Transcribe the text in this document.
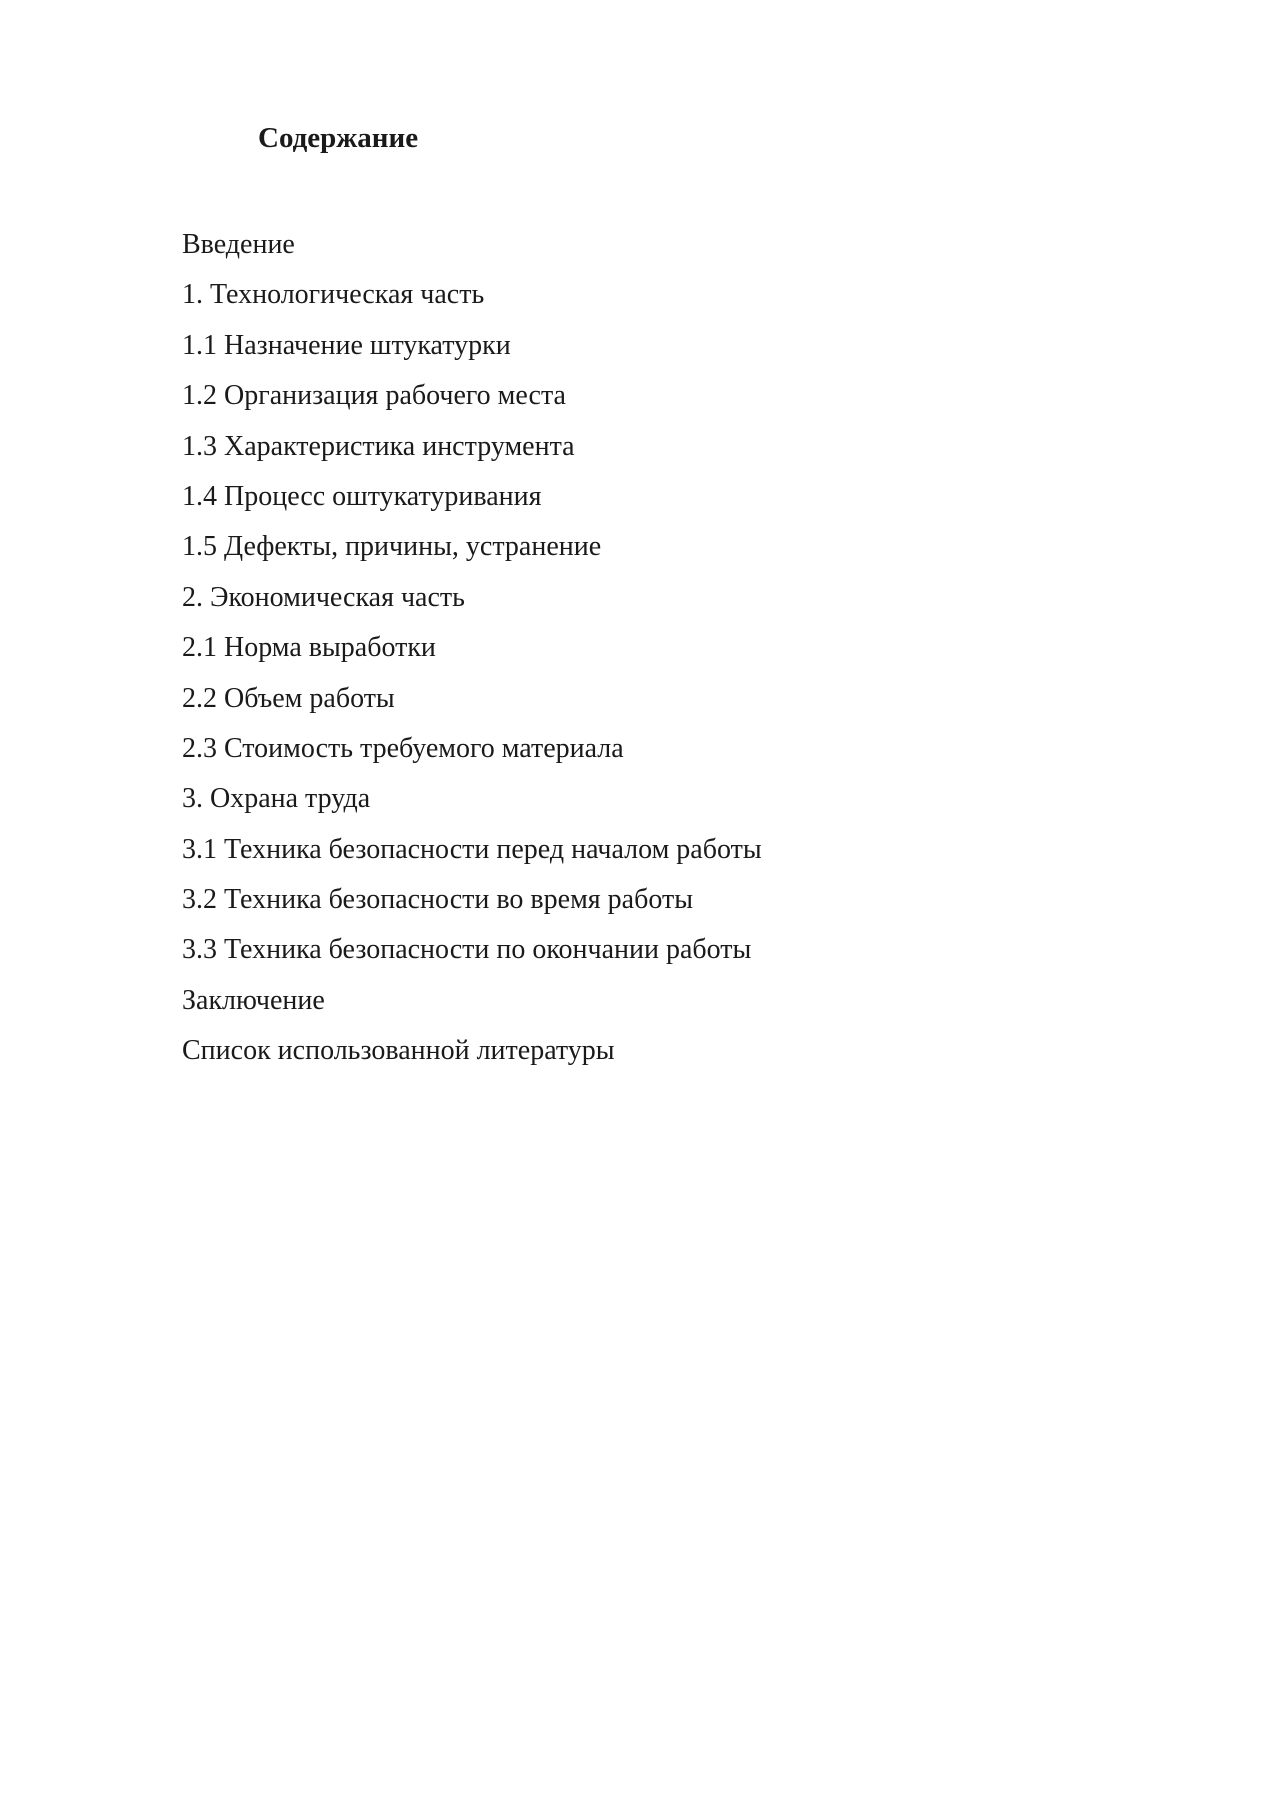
Содержание
Введение
1. Технологическая часть
1.1 Назначение штукатурки
1.2 Организация рабочего места
1.3 Характеристика инструмента
1.4 Процесс оштукатуривания
1.5 Дефекты, причины, устранение
2. Экономическая часть
2.1 Норма выработки
2.2 Объем работы
2.3 Стоимость требуемого материала
3. Охрана труда
3.1 Техника безопасности перед началом работы
3.2 Техника безопасности во время работы
3.3 Техника безопасности по окончании работы
Заключение
Список использованной литературы
